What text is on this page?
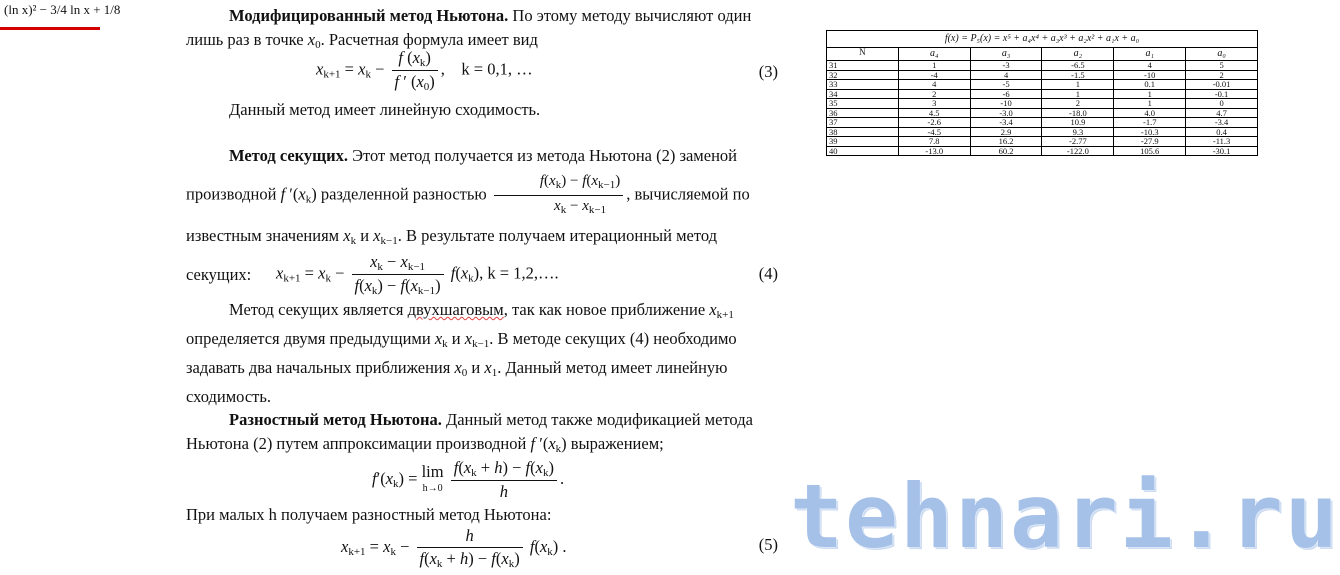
(ln x)² − 3/4 ln x + 1/8	Модифицированный метод Ньютона. По этому методу вычисляют один лишь раз в точке $x_0$. Расчетная формула имеет вид
$x_{k+1} = x_k - \frac{f (x_k)}{f ' (x_0)}$ ,    k = 0,1, …	(3)
Данный метод имеет линейную сходимость.
Метод секущих. Этот метод получается из метода Ньютона (2) заменой производной f $'(x_k)$ разделенной разностью $\frac{f(x_k) - f(x_{k-1})}{x_k - x_{k-1}}$ , вычисляемой по известным значениям $x_k$ и $x_{k-1}$. В результате получаем итерационный метод секущих:	$x_{k+1} = x_k - \frac{x_k - x_{k-1}}{f(x_k) - f(x_{k-1})} f(x_k)$, k = 1,2,….	(4)
Метод секущих является двухшаговым, так как новое приближение $x_{k+1}$ определяется двумя предыдущими $x_k$ и $x_{k-1}$. В методе секущих (4) необходимо задавать два начальных приближения $x_0$ и $x_1$. Данный метод имеет линейную сходимость.
Разностный метод Ньютона. Данный метод также модификацией метода Ньютона (2) путем аппроксимации производной f $'(x_k)$ выражением;
$f'(x_k) = \lim$
$h\to 0 \frac{f(x_k + h) - f(x_k)}{h}$ .
При малых h получаем разностный метод Ньютона:
$x_{k+1} = x_k - \frac{h}{f(x_k + h) - f(x_k)} f(x_k)$ .	(5)
f(x) = P₅(x) = x⁵ + a₄x⁴ + a₃x³ + a₂x² + a₁x + a₀					
N	a₄	a₃	a₂	a₁	a₀
31	1	-3	-6.5	4	5
32	-4	4	-1.5	-10	2
33	4	-5	1	0.1	-0.01
34	2	-6	1	1	-0.1
35	3	-10	2	1	0
36	4.5	-3.0	-18.0	4.0	4.7
37	-2.6	-3.4	10.9	-1.7	-3.4
38	-4.5	2.9	9.3	-10.3	0.4
39	7.8	16.2	-2.77	-27.9	-11.3
40	-13.0	60.2	-122.0	105.6	-30.1
tehnari.ru
